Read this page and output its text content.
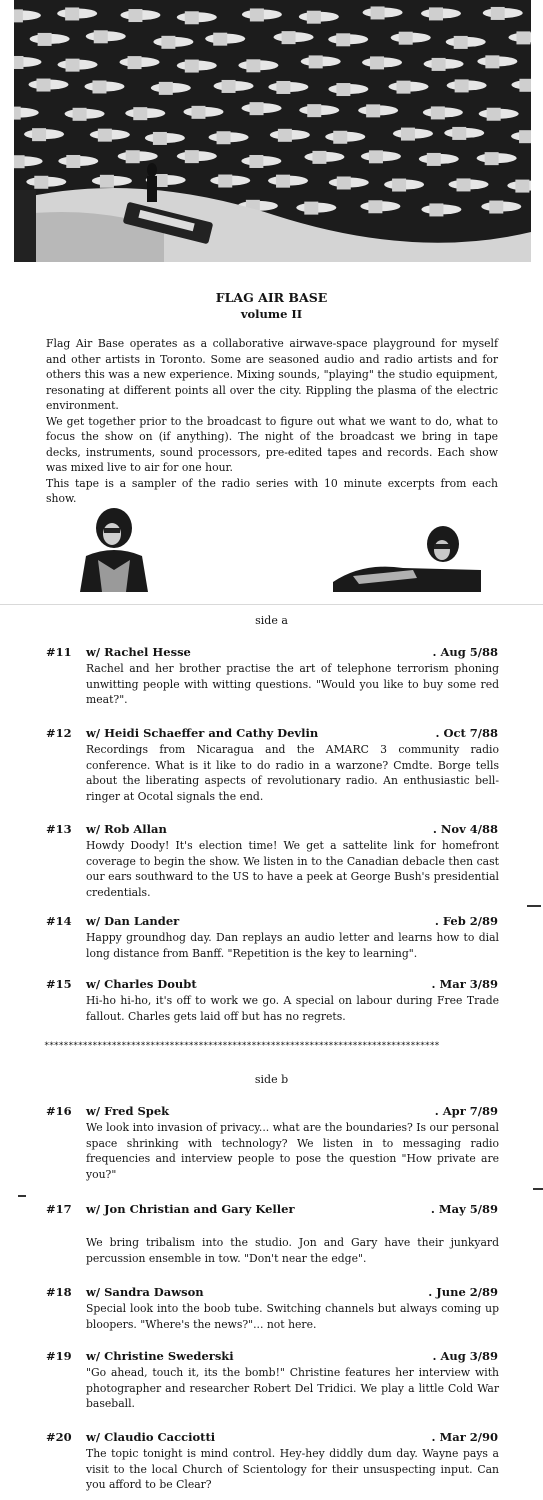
FLAG AIR BASE
volume II

Flag Air Base operates as a collaborative airwave-space playground for myself and other artists in Toronto. Some are seasoned audio and radio artists and for others this was a new experience. Mixing sounds, "playing" the studio equipment, resonating at different points all over the city. Rippling the plasma of the electric environment.

We get together prior to the broadcast to figure out what we want to do, what to focus the show on (if anything). The night of the broadcast we bring in tape decks, instruments, sound processors, pre-edited tapes and records. Each show was mixed live to air for one hour.

This tape is a sampler of the radio series with 10 minute excerpts from each show.

side a
#11 w/ Rachel Hesse	. Aug 5/88
Rachel and her brother practise the art of telephone terrorism phoning unwitting people with witting questions. "Would you like to buy some red meat?".
#12 w/ Heidi Schaeffer and Cathy Devlin	. Oct 7/88
Recordings from Nicaragua and the AMARC 3 community radio conference. What is it like to do radio in a warzone? Cmdte. Borge tells about the liberating aspects of revolutionary radio. An enthusiastic bell-ringer at Ocotal signals the end.
#13 w/ Rob Allan	. Nov 4/88
Howdy Doody! It's election time! We get a sattelite link for homefront coverage to begin the show. We listen in to the Canadian debacle then cast our ears southward to the US to have a peek at George Bush's presidential credentials.
#14 w/ Dan Lander	. Feb 2/89
Happy groundhog day. Dan replays an audio letter and learns how to dial long distance from Banff. "Repetition is the key to learning".
#15 w/ Charles Doubt	. Mar 3/89
Hi-ho hi-ho, it's off to work we go. A special on labour during Free Trade fallout. Charles gets laid off but has no regrets.
**********************************************************************************
side b
#16 w/ Fred Spek	. Apr 7/89
We look into invasion of privacy... what are the boundaries? Is our personal space shrinking with technology? We listen in to messaging radio frequencies and interview people to pose the question "How private are you?"
#17 w/ Jon Christian and Gary Keller	. May 5/89
We bring tribalism into the studio. Jon and Gary have their junkyard percussion ensemble in tow. "Don't near the edge".
#18 w/ Sandra Dawson	. June 2/89
Special look into the boob tube. Switching channels but always coming up bloopers. "Where's the news?"... not here.
#19 w/ Christine Swederski	. Aug 3/89
"Go ahead, touch it, its the bomb!" Christine features her interview with photographer and researcher Robert Del Tridici. We play a little Cold War baseball.
#20 w/ Claudio Cacciotti	. Mar 2/90
The topic tonight is mind control. Hey-hey diddly dum day. Wayne pays a visit to the local Church of Scientology for their unsuspecting input. Can you afford to be Clear?
